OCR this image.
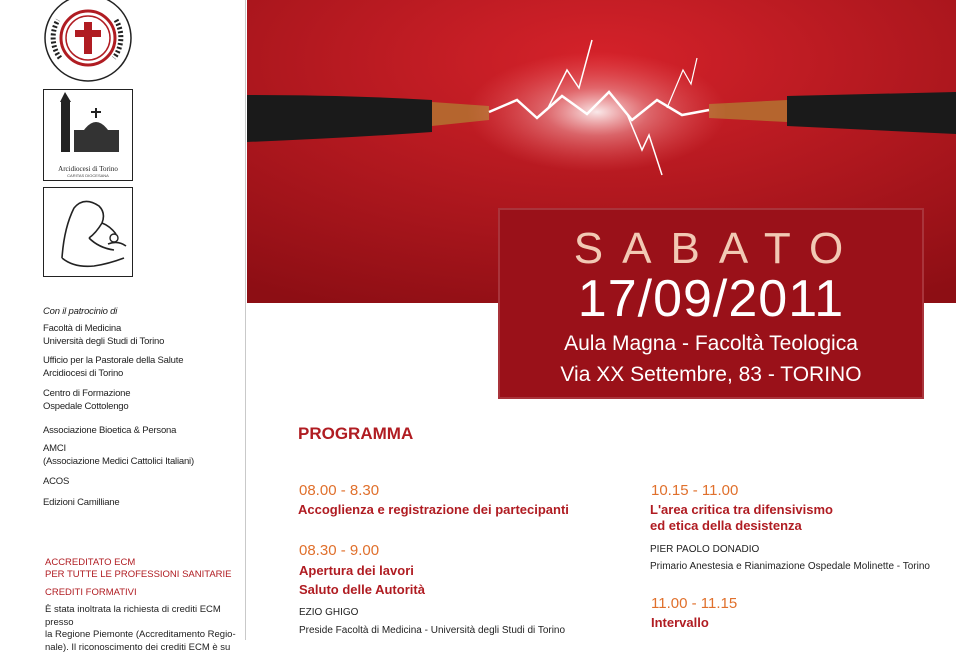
Arcidiocesi di Torino
CARITAS DIOCESANA
Con il patrocinio di
Facoltà di Medicina
Università degli Studi di Torino
Ufficio per la Pastorale della Salute
Arcidiocesi di Torino
Centro di Formazione
Ospedale Cottolengo
Associazione Bioetica & Persona
AMCI
(Associazione Medici Cattolici Italiani)
ACOS
Edizioni Camilliane
ACCREDITATO ECM
PER TUTTE LE PROFESSIONI SANITARIE
CREDITI FORMATIVI
È stata inoltrata la richiesta di crediti ECM presso
la Regione Piemonte (Accreditamento Regio-
nale). Il riconoscimento dei crediti ECM è su
SABATO
17/09/2011
Aula Magna - Facoltà Teologica
Via XX Settembre, 83 - TORINO
PROGRAMMA
08.00 - 8.30
Accoglienza e registrazione dei partecipanti
08.30 - 9.00
Apertura dei lavori
Saluto delle Autorità
EZIO GHIGO
Preside Facoltà di Medicina - Università degli Studi di Torino
10.15 - 11.00
L'area critica tra difensivismo
ed etica della desistenza
PIER PAOLO DONADIO
Primario Anestesia e Rianimazione Ospedale Molinette - Torino
11.00 - 11.15
Intervallo
